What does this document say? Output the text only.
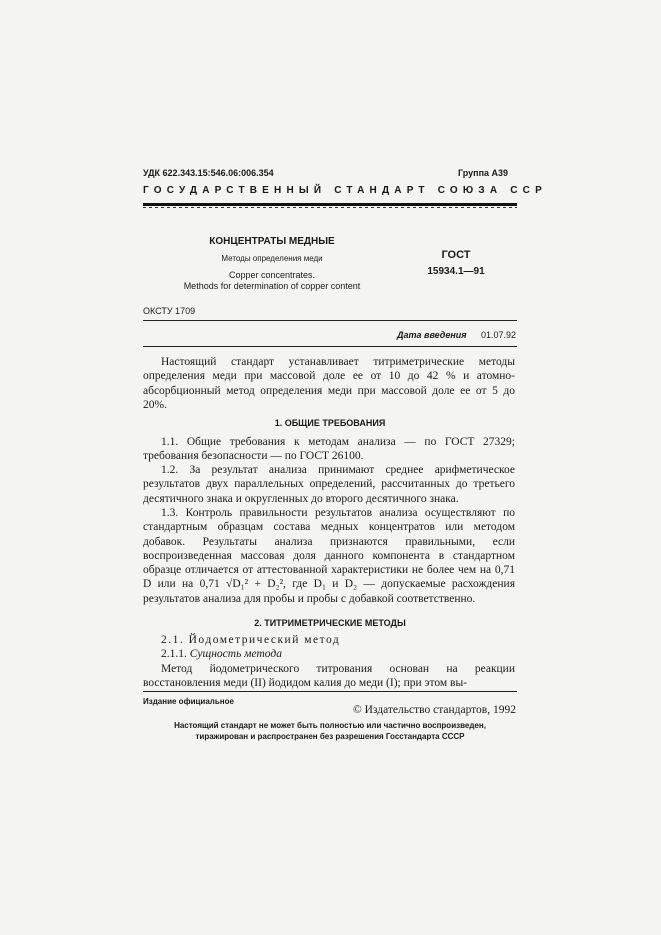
УДК 622.343.15:546.06:006.354	Группа А39
ГОСУДАРСТВЕННЫЙ СТАНДАРТ СОЮЗА ССР
КОНЦЕНТРАТЫ МЕДНЫЕ
Методы определения меди
Copper concentrates.
Methods for determination of copper content
ГОСТ
15934.1—91
ОКСТУ 1709
Дата введения 01.07.92
Настоящий стандарт устанавливает титриметрические методы определения меди при массовой доле ее от 10 до 42 % и атомно-абсорбционный метод определения меди при массовой доле ее от 5 до 20%.
1. ОБЩИЕ ТРЕБОВАНИЯ
1.1. Общие требования к методам анализа — по ГОСТ 27329; требования безопасности — по ГОСТ 26100.
1.2. За результат анализа принимают среднее арифметическое результатов двух параллельных определений, рассчитанных до третьего десятичного знака и округленных до второго десятичного знака.
1.3. Контроль правильности результатов анализа осуществляют по стандартным образцам состава медных концентратов или методом добавок. Результаты анализа признаются правильными, если воспроизведенная массовая доля данного компонента в стандартном образце отличается от аттестованной характеристики не более чем на 0,71 D или на 0,71 √D₁² + D₂², где D₁ и D₂ — допускаемые расхождения результатов анализа для пробы и пробы с добавкой соответственно.
2. ТИТРИМЕТРИЧЕСКИЕ МЕТОДЫ
2.1. Йодометрический метод
2.1.1. Сущность метода
Метод йодометрического титрования основан на реакции восстановления меди (II) йодидом калия до меди (I); при этом вы-
Издание официальное
© Издательство стандартов, 1992
Настоящий стандарт не может быть полностью или частично воспроизведен,
тиражирован и распространен без разрешения Госстандарта СССР
